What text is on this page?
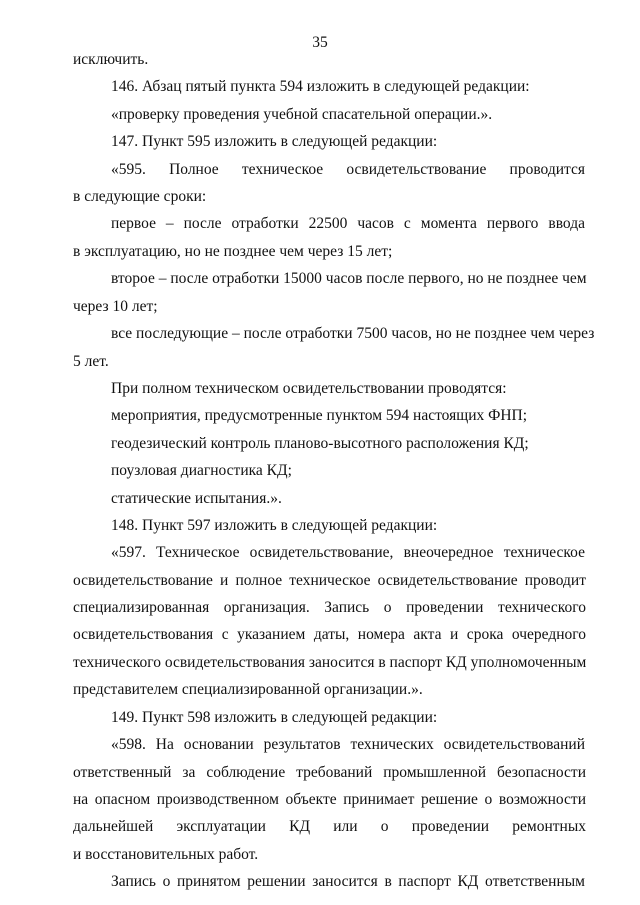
35
исключить.
146. Абзац пятый пункта 594 изложить в следующей редакции:
«проверку проведения учебной спасательной операции.».
147. Пункт 595 изложить в следующей редакции:
«595. Полное техническое освидетельствование проводится
в следующие сроки:
первое – после отработки 22500 часов с момента первого ввода
в эксплуатацию, но не позднее чем через 15 лет;
второе – после отработки 15000 часов после первого, но не позднее чем
через 10 лет;
все последующие – после отработки 7500 часов, но не позднее чем через
5 лет.
При полном техническом освидетельствовании проводятся:
мероприятия, предусмотренные пунктом 594 настоящих ФНП;
геодезический контроль планово-высотного расположения КД;
поузловая диагностика КД;
статические испытания.».
148. Пункт 597 изложить в следующей редакции:
«597. Техническое освидетельствование, внеочередное техническое
освидетельствование и полное техническое освидетельствование проводит
специализированная организация. Запись о проведении технического
освидетельствования с указанием даты, номера акта и срока очередного
технического освидетельствования заносится в паспорт КД уполномоченным
представителем специализированной организации.».
149. Пункт 598 изложить в следующей редакции:
«598. На основании результатов технических освидетельствований
ответственный за соблюдение требований промышленной безопасности
на опасном производственном объекте принимает решение о возможности
дальнейшей эксплуатации КД или о проведении ремонтных
и восстановительных работ.
Запись о принятом решении заносится в паспорт КД ответственным
